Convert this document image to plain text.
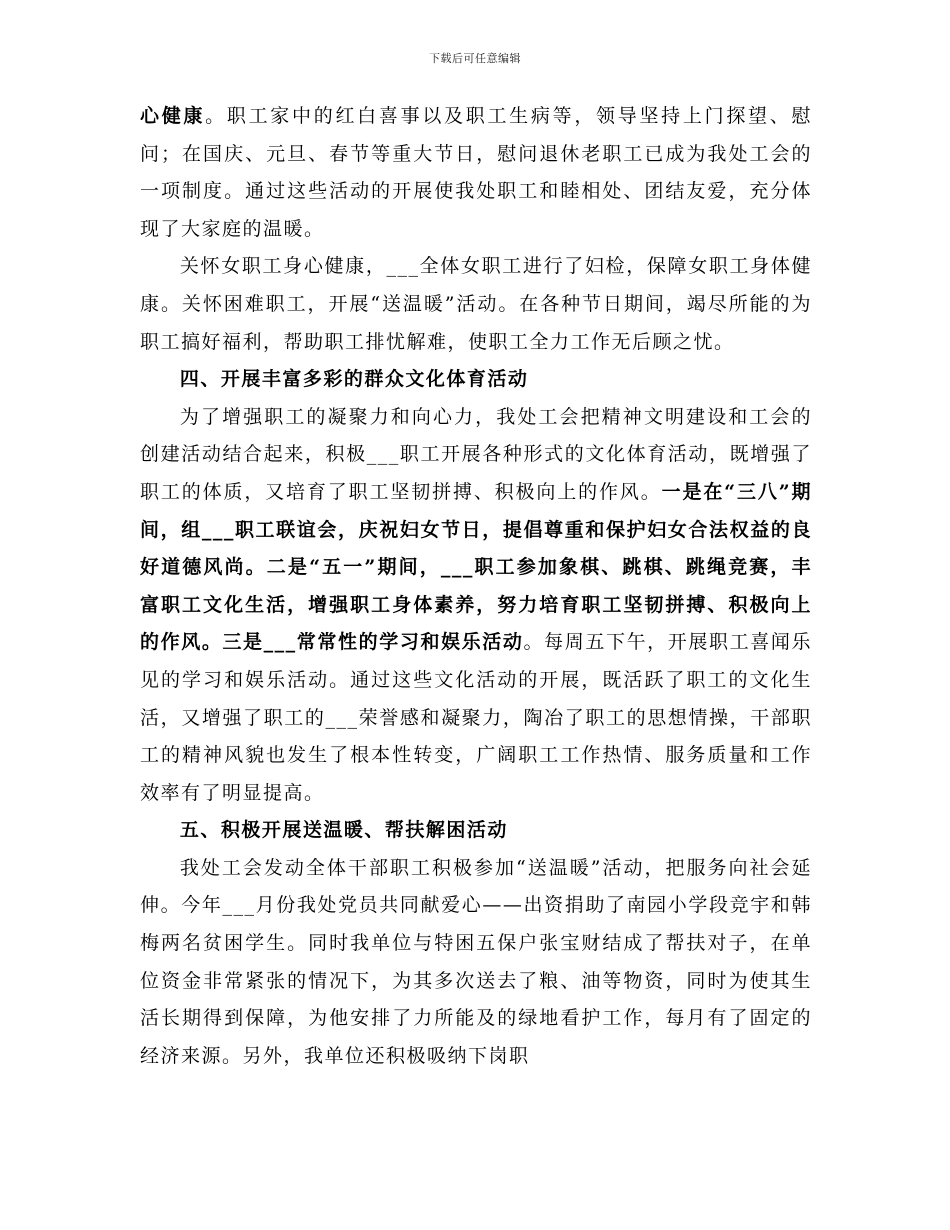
下载后可任意编辑

心健康。职工家中的红白喜事以及职工生病等，领导坚持上门探望、慰问；在国庆、元旦、春节等重大节日，慰问退休老职工已成为我处工会的一项制度。通过这些活动的开展使我处职工和睦相处、团结友爱，充分体现了大家庭的温暖。

关怀女职工身心健康，___全体女职工进行了妇检，保障女职工身体健康。关怀困难职工，开展“送温暖”活动。在各种节日期间，竭尽所能的为职工搞好福利，帮助职工排忧解难，使职工全力工作无后顾之忧。

四、开展丰富多彩的群众文化体育活动

为了增强职工的凝聚力和向心力，我处工会把精神文明建设和工会的创建活动结合起来，积极___职工开展各种形式的文化体育活动，既增强了职工的体质，又培育了职工坚韧拼搏、积极向上的作风。一是在“三八”期间，组___职工联谊会，庆祝妇女节日，提倡尊重和保护妇女合法权益的良好道德风尚。二是“五一”期间，___职工参加象棋、跳棋、跳绳竞赛，丰富职工文化生活，增强职工身体素养，努力培育职工坚韧拼搏、积极向上的作风。三是___常常性的学习和娱乐活动。每周五下午，开展职工喜闻乐见的学习和娱乐活动。通过这些文化活动的开展，既活跃了职工的文化生活，又增强了职工的___荣誉感和凝聚力，陶冶了职工的思想情操，干部职工的精神风貌也发生了根本性转变，广阔职工工作热情、服务质量和工作效率有了明显提高。

五、积极开展送温暖、帮扶解困活动

我处工会发动全体干部职工积极参加“送温暖”活动，把服务向社会延伸。今年___月份我处党员共同献爱心——出资捐助了南园小学段竞宇和韩梅两名贫困学生。同时我单位与特困五保户张宝财结成了帮扶对子，在单位资金非常紧张的情况下，为其多次送去了粮、油等物资，同时为使其生活长期得到保障，为他安排了力所能及的绿地看护工作，每月有了固定的经济来源。另外，我单位还积极吸纳下岗职
